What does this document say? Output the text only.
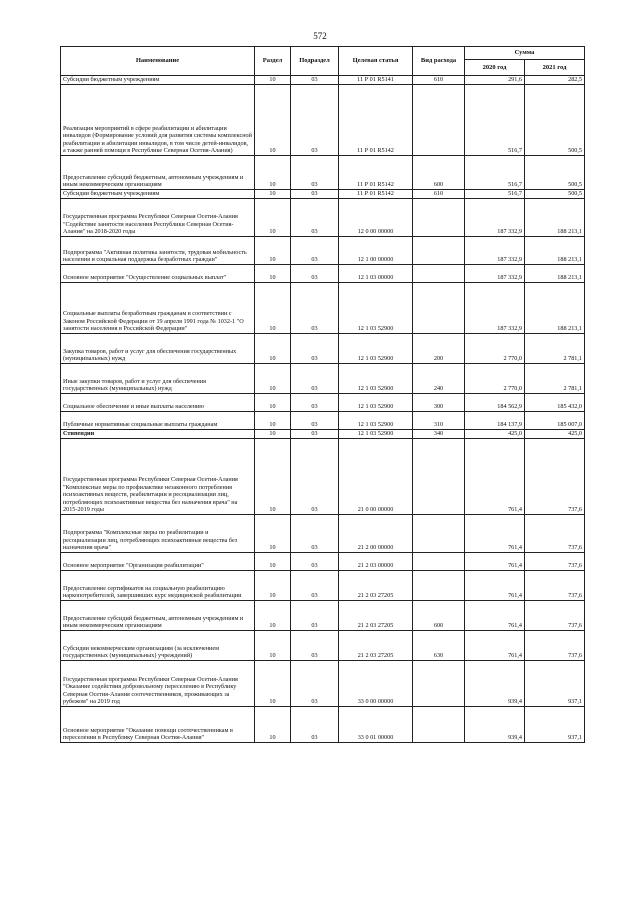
572
Наименование	Раздел	Подраздел	Целевая статья	Вид расхода	Сумма	
					2020 год	2021 год
Субсидии бюджетным учреждениям	10	03	11 Р 01 R5141	610	291,6	282,5
Реализация мероприятий в сфере реабилитации и абилитации инвалидов (Формирование условий для развития системы комплексной реабилитации и абилитации инвалидов, в том числе детей-инвалидов, а также ранней помощи в Республике Северная Осетия-Алания)	10	03	11 Р 01 R5142		516,7	500,5
Предоставление субсидий бюджетным, автономным учреждениям и иным некоммерческим организациям	10	03	11 Р 01 R5142	600	516,7	500,5
Субсидии бюджетным учреждениям	10	03	11 Р 01 R5142	610	516,7	500,5
Государственная программа Республики Северная Осетия-Алания "Содействие занятости населения Республики Северная Осетия-Алания" на 2018-2020 годы	10	03	12 0 00 00000		187 332,9	188 213,1
Подпрограмма "Активная политика занятости, трудовая мобильность населения и социальная поддержка безработных граждан"	10	03	12 1 00 00000		187 332,9	188 213,1
Основное мероприятие "Осуществление социальных выплат"	10	03	12 1 03 00000		187 332,9	188 213,1
Социальные выплаты безработным гражданам в соответствии с Законом Российской Федерации от 19 апреля 1991 года № 1032-1 "О занятости населения в Российской Федерации"	10	03	12 1 03 52900		187 332,9	188 213,1
Закупка товаров, работ и услуг для обеспечения государственных (муниципальных) нужд	10	03	12 1 03 52900	200	2 770,0	2 781,1
Иные закупки товаров, работ и услуг для обеспечения государственных (муниципальных) нужд	10	03	12 1 03 52900	240	2 770,0	2 781,1
Социальное обеспечение и иные выплаты населению	10	03	12 1 03 52900	300	184 562,9	185 432,0
Публичные нормативные социальные выплаты гражданам	10	03	12 1 03 52900	310	184 137,9	185 007,0
Стипендии	10	03	12 1 03 52900	340	425,0	425,0
Государственная программа Республики Северная Осетия-Алания "Комплексные меры по профилактике незаконного потребления психоактивных веществ, реабилитации и ресоциализации лиц, потребляющих психоактивные вещества без назначения врача" на 2015-2019 годы	10	03	21 0 00 00000		761,4	737,6
Подпрограмма "Комплексные меры по реабилитации и ресоциализации лиц, потребляющих психоактивные вещества без назначения врача"	10	03	21 2 00 00000		761,4	737,6
Основное мероприятие "Организация реабилитации"	10	03	21 2 03 00000		761,4	737,6
Предоставление сертификатов на социальную реабилитацию наркопотребителей, завершивших курс медицинской реабилитации	10	03	21 2 03 27205		761,4	737,6
Предоставление субсидий бюджетным, автономным учреждениям и иным некоммерческим организациям	10	03	21 2 03 27205	600	761,4	737,6
Субсидии некоммерческим организациям (за исключением государственных (муниципальных) учреждений)	10	03	21 2 03 27205	630	761,4	737,6
Государственная программа Республики Северная Осетия-Алания "Оказание содействия добровольному переселению в Республику Северная Осетия-Алания соотечественников, проживающих за рубежом" на 2019 год	10	03	33 0 00 00000		939,4	937,1
Основное мероприятие "Оказание помощи соотечественникам в переселении в Республику Северная Осетия-Алания"	10	03	33 0 01 00000		939,4	937,1
